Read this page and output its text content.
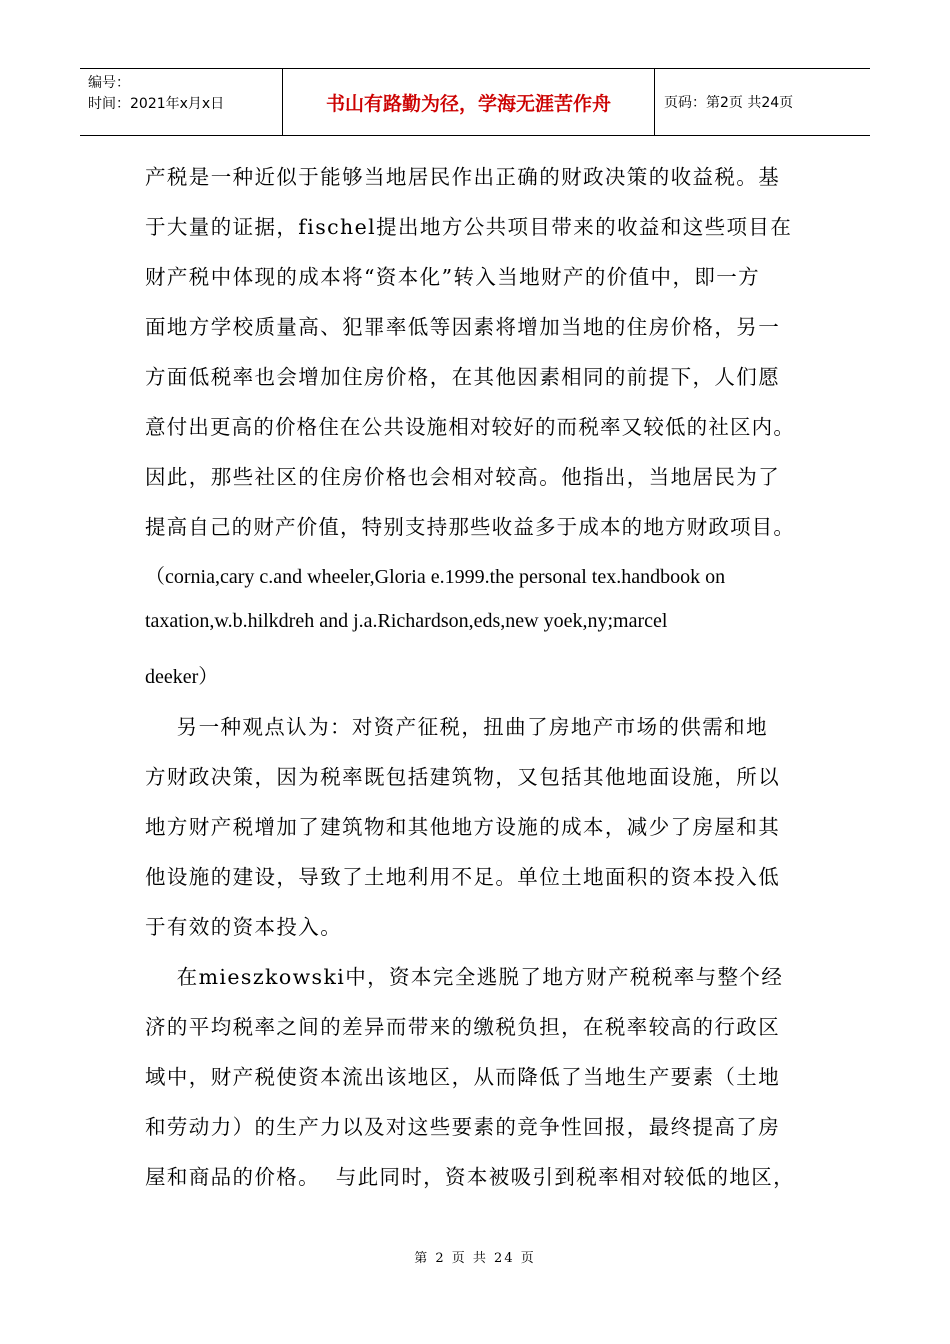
编号：
时间：2021年x月x日	书山有路勤为径，学海无涯苦作舟	页码：第2页 共24页
产税是一种近似于能够当地居民作出正确的财政决策的收益税。基
于大量的证据，fischel提出地方公共项目带来的收益和这些项目在
财产税中体现的成本将“资本化”转入当地财产的价值中，即一方
面地方学校质量高、犯罪率低等因素将增加当地的住房价格，另一
方面低税率也会增加住房价格，在其他因素相同的前提下，人们愿
意付出更高的价格住在公共设施相对较好的而税率又较低的社区内。
因此，那些社区的住房价格也会相对较高。他指出，当地居民为了
提高自己的财产价值，特别支持那些收益多于成本的地方财政项目。
（cornia,cary c.and wheeler,Gloria e.1999.the personal tex.handbook on
taxation,w.b.hilkdreh and j.a.Richardson,eds,new yoek,ny;marcel
deeker）
另一种观点认为：对资产征税，扭曲了房地产市场的供需和地
方财政决策，因为税率既包括建筑物，又包括其他地面设施，所以
地方财产税增加了建筑物和其他地方设施的成本，减少了房屋和其
他设施的建设，导致了土地利用不足。单位土地面积的资本投入低
于有效的资本投入。
在mieszkowski中，资本完全逃脱了地方财产税税率与整个经
济的平均税率之间的差异而带来的缴税负担，在税率较高的行政区
域中，财产税使资本流出该地区，从而降低了当地生产要素（土地
和劳动力）的生产力以及对这些要素的竞争性回报，最终提高了房
屋和商品的价格。  与此同时，资本被吸引到税率相对较低的地区，
第 2 页 共 24 页
